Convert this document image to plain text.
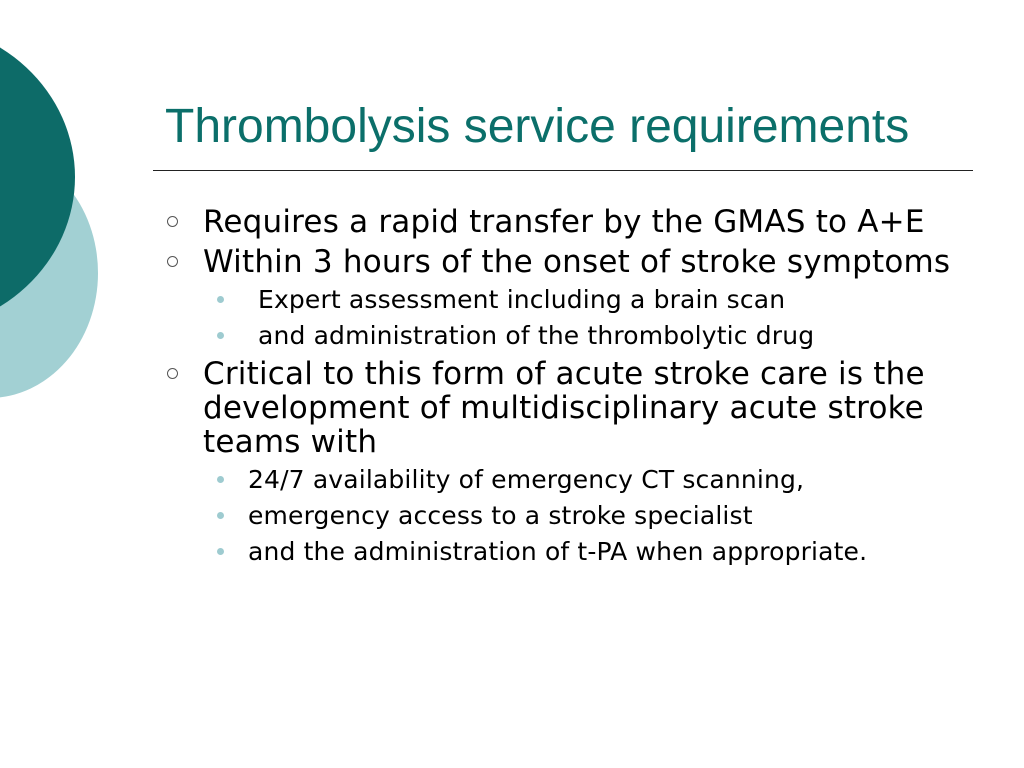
Thrombolysis service requirements
Requires a rapid transfer by the GMAS to A+E
Within 3 hours of the onset of stroke symptoms
Expert assessment including a brain scan
and administration of the thrombolytic drug
Critical to this form of acute stroke care is the development of multidisciplinary acute stroke teams with
24/7 availability of emergency CT scanning,
emergency access to a stroke specialist
and the administration of t-PA when appropriate.
